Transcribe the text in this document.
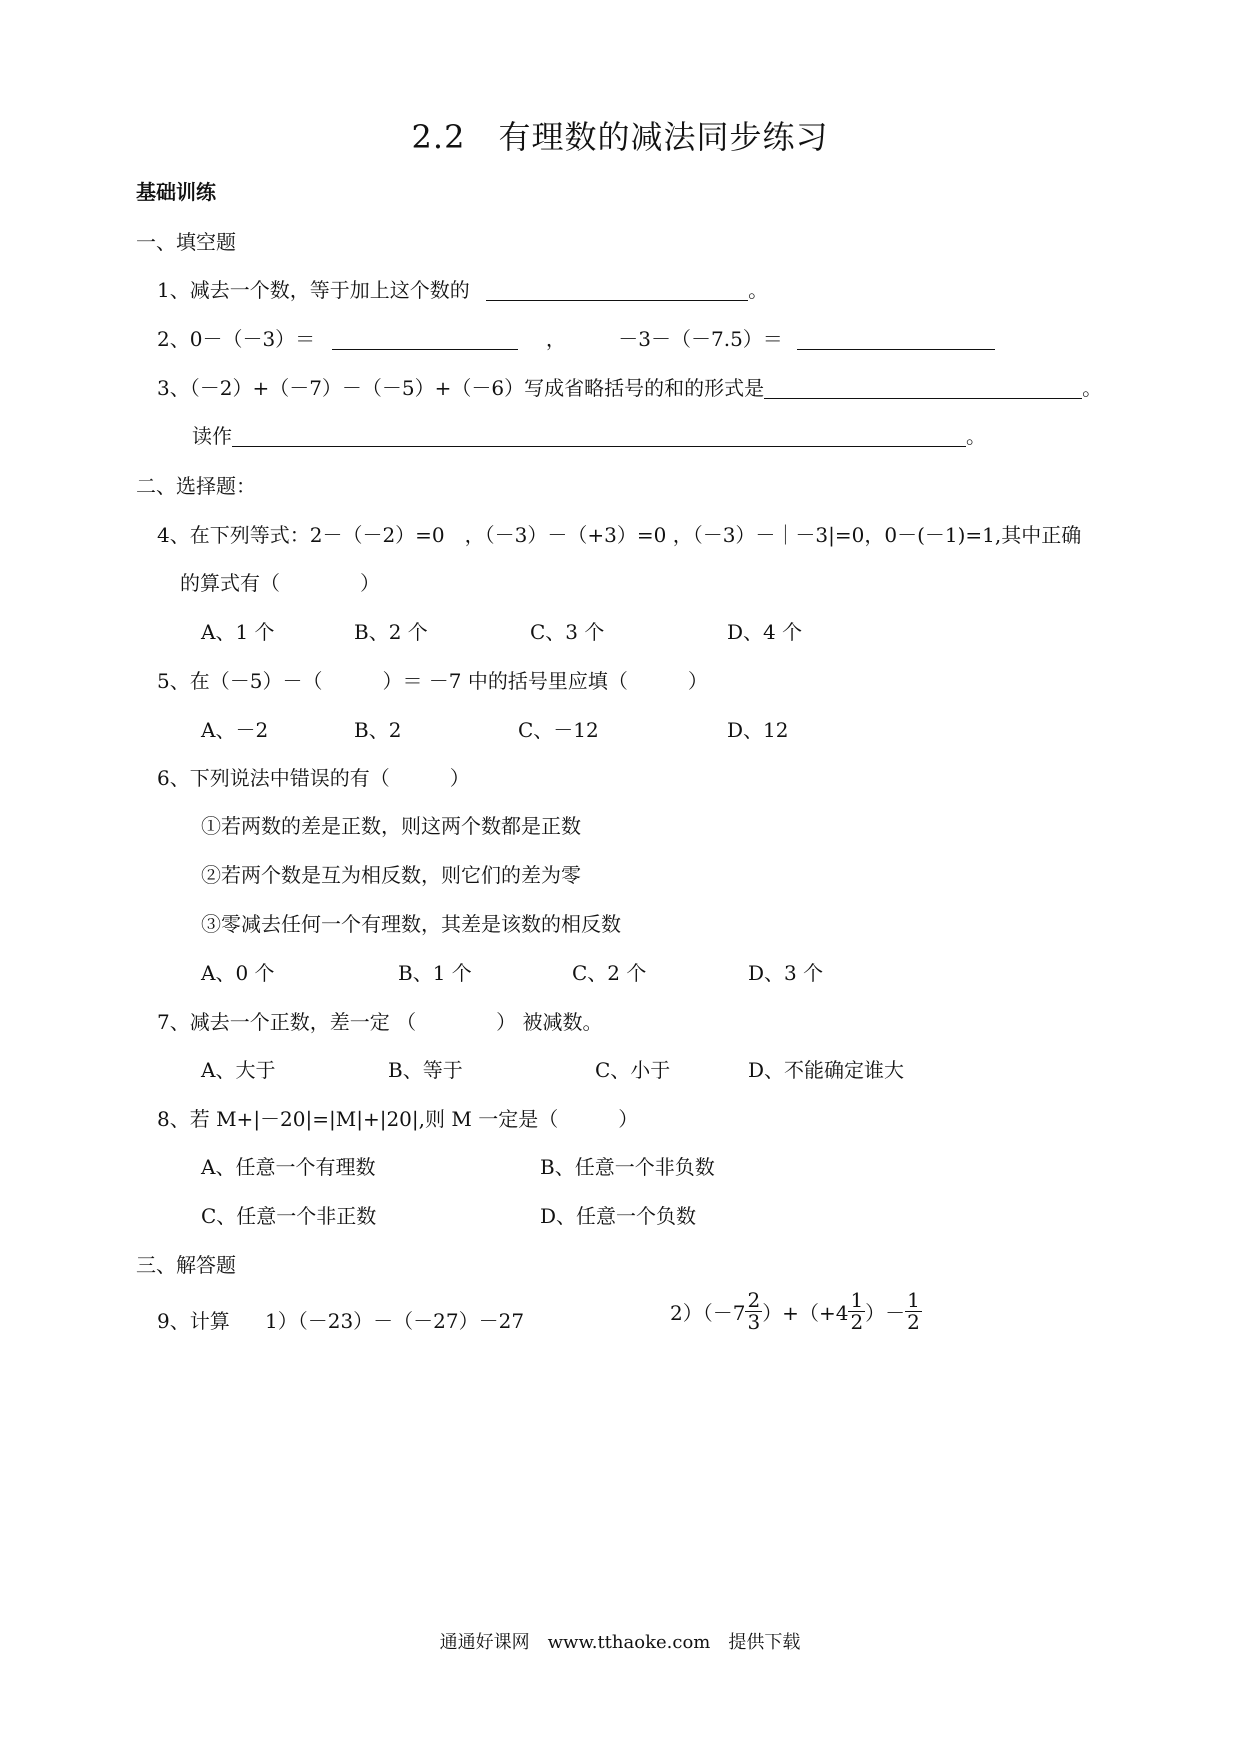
2.2　有理数的减法同步练习
基础训练
一、填空题
1、减去一个数，等于加上这个数的	。
2、0－（－3）＝	，	－3－（－7.5）＝
3、（－2）+（－7）－（－5）+（－6）写成省略括号的和的形式是	。
读作	。
二、选择题：
4、在下列等式：2－（－2）=0　，（－3）－（+3）=0 ，（－3）－｜－3|=0，0－(－1)=1,其中正确
的算式有（　　　　）
A、1 个	B、2 个	C、3 个	D、4 个
5、在（－5）－（　　　）＝ －7 中的括号里应填（　　　）
A、－2	B、2	C、－12	D、12
6、下列说法中错误的有（　　　）
①若两数的差是正数，则这两个数都是正数
②若两个数是互为相反数，则它们的差为零
③零减去任何一个有理数，其差是该数的相反数
A、0 个	B、1 个	C、2 个	D、3 个
7、减去一个正数，差一定 （　　　　） 被减数。
A、大于	B、等于	C、小于	D、不能确定谁大
8、若 M+|－20|=|M|+|20|,则 M 一定是（　　　）
A、任意一个有理数	B、任意一个非负数
C、任意一个非正数	D、任意一个负数
三、解答题
9、计算 1）（－23）－（－27）－27	$2)(-7 \frac{2}{3} )+(+4 \frac{1}{2}$ ）－ $\frac{1}{2}$
通通好课网　www.tthaoke.com　提供下载
